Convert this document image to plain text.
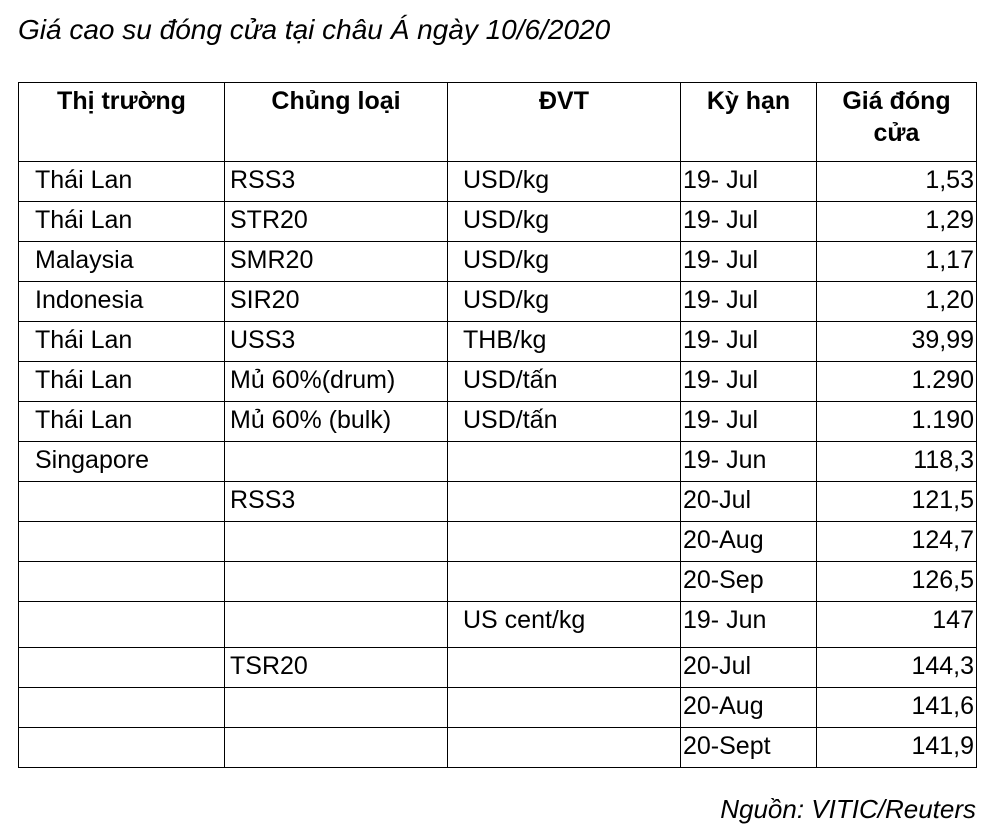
Giá cao su đóng cửa tại châu Á ngày 10/6/2020
Thị trường	Chủng loại	ĐVT	Kỳ hạn	Giá đóng cửa
Thái Lan	RSS3	USD/kg	19- Jul	1,53
Thái Lan	STR20	USD/kg	19- Jul	1,29
Malaysia	SMR20	USD/kg	19- Jul	1,17
Indonesia	SIR20	USD/kg	19- Jul	1,20
Thái Lan	USS3	THB/kg	19- Jul	39,99
Thái Lan	Mủ 60%(drum)	USD/tấn	19- Jul	1.290
Thái Lan	Mủ 60% (bulk)	USD/tấn	19- Jul	1.190
Singapore			19- Jun	118,3
	RSS3		20-Jul	121,5
			20-Aug	124,7
			20-Sep	126,5
		US cent/kg	19- Jun	147
	TSR20		20-Jul	144,3
			20-Aug	141,6
			20-Sept	141,9
Nguồn: VITIC/Reuters
